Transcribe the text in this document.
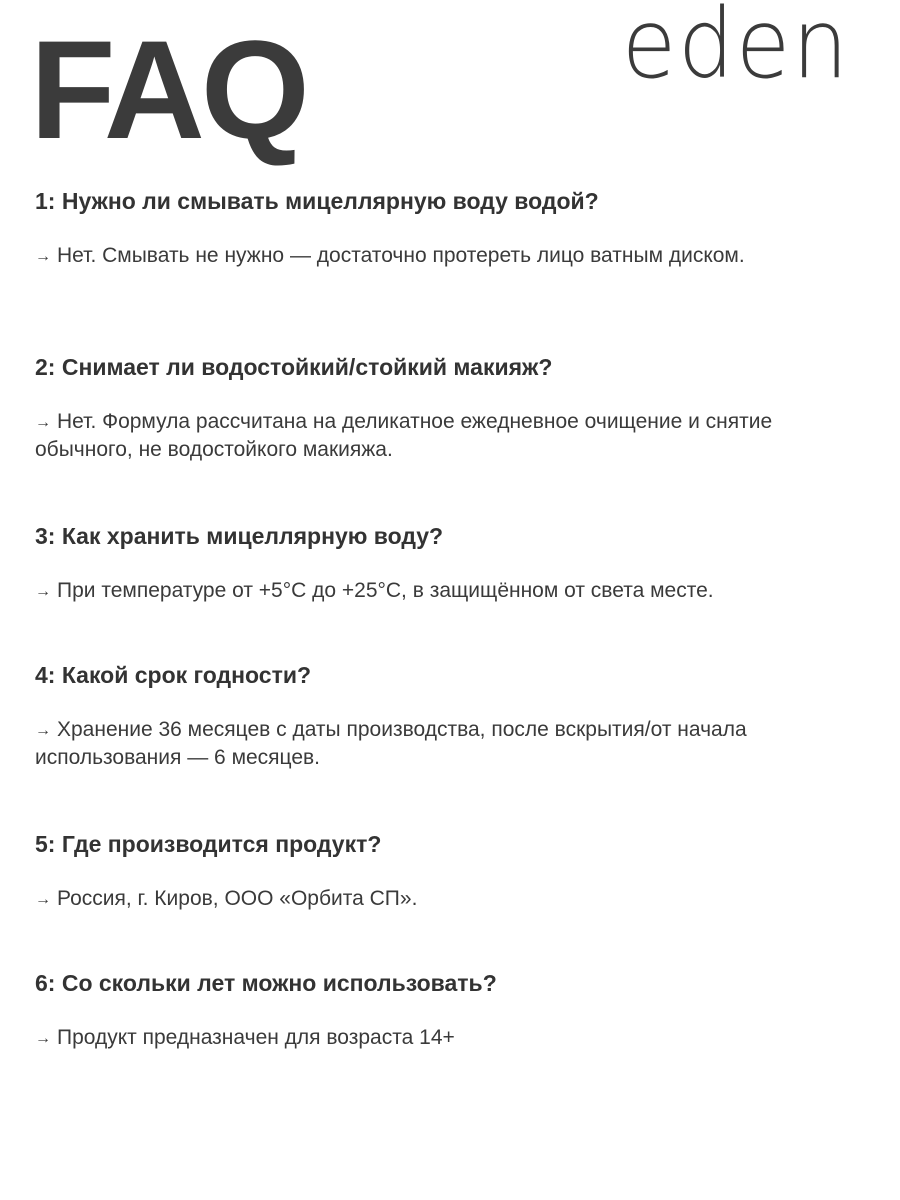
FAQ	eden
1: Нужно ли смывать мицеллярную воду водой?

→ Нет. Смывать не нужно — достаточно протереть лицо ватным диском.

2: Снимает ли водостойкий/стойкий макияж?

→ Нет. Формула рассчитана на деликатное ежедневное очищение и снятие обычного, не водостойкого макияжа.

3: Как хранить мицеллярную воду?

→ При температуре от +5°С до +25°С, в защищённом от света месте.

4: Какой срок годности?

→ Хранение 36 месяцев с даты производства, после вскрытия/от начала использования — 6 месяцев.

5: Где производится продукт?

→ Россия, г. Киров, ООО «Орбита СП».

6: Со скольки лет можно использовать?

→ Продукт предназначен для возраста 14+
